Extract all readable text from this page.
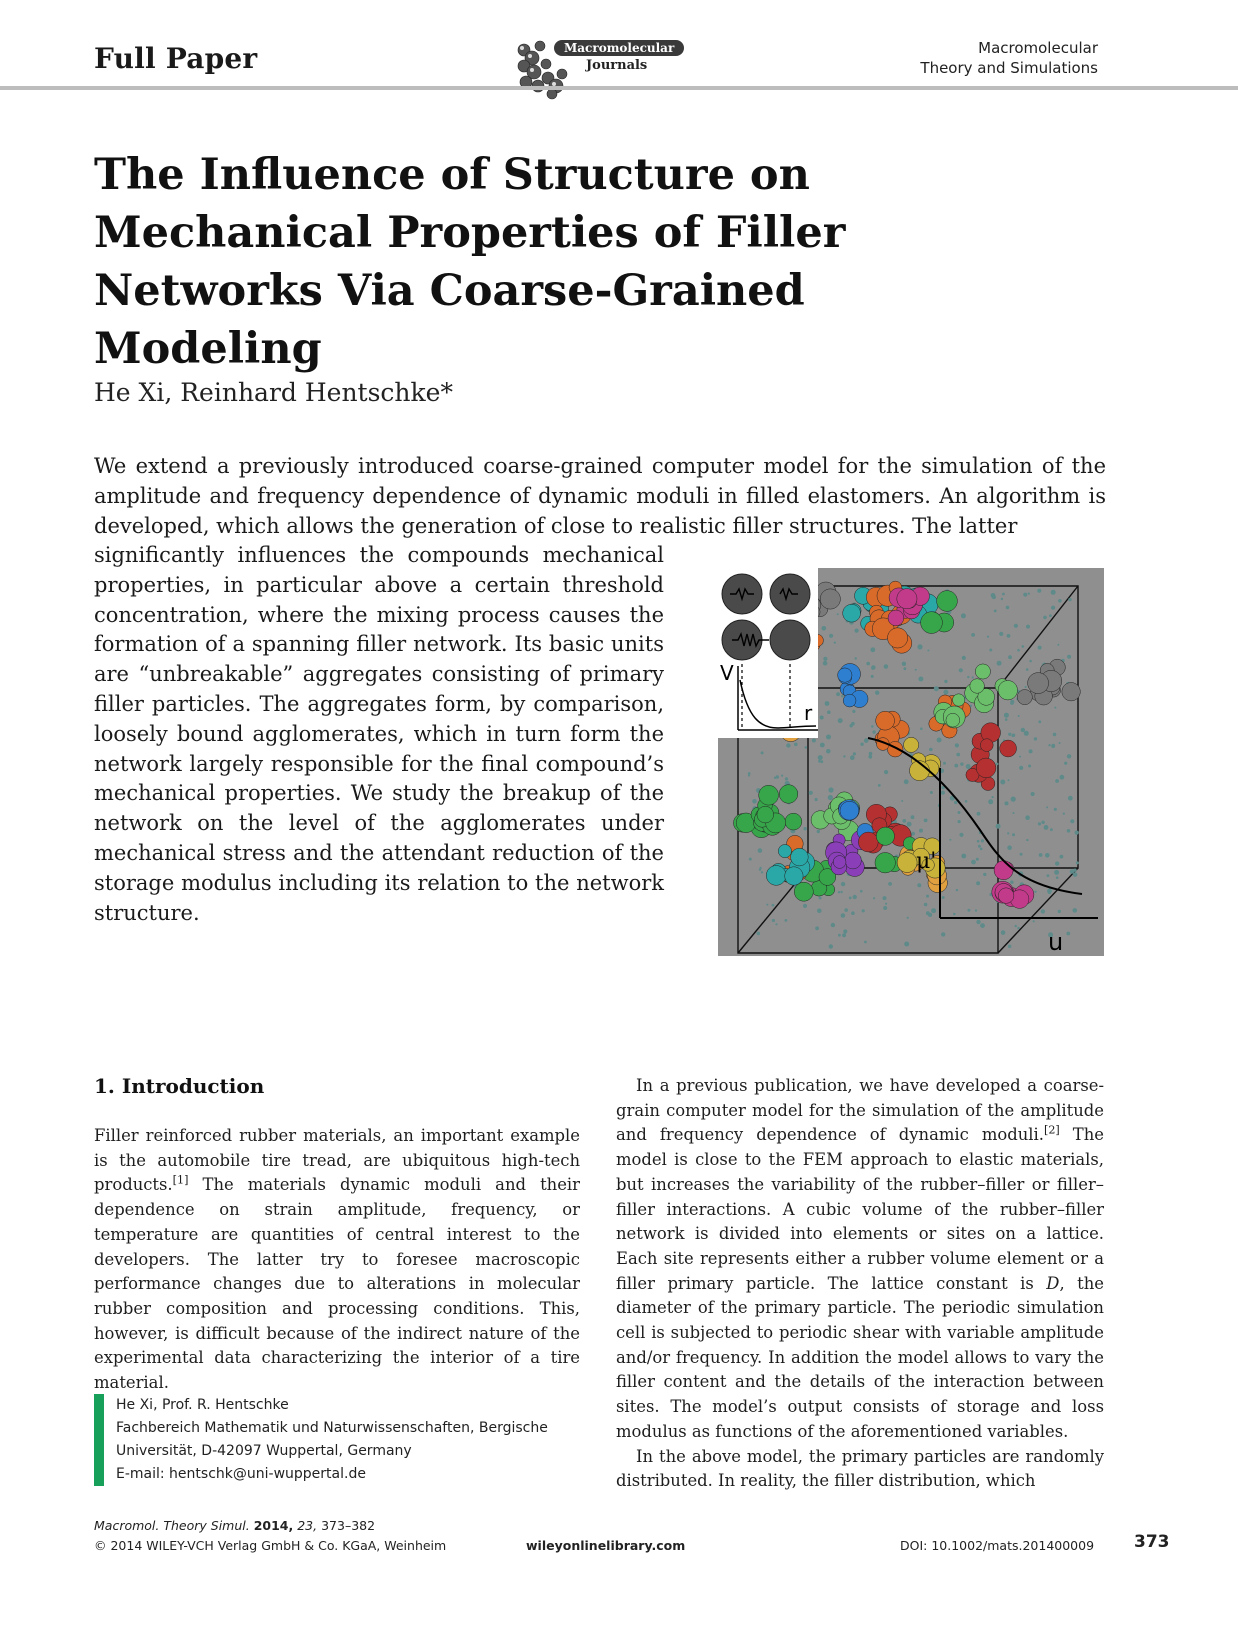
Full Paper	Macromolecular
Journals
Macromolecular
Theory and Simulations
The Influence of Structure on Mechanical Properties of Filler Networks Via Coarse-Grained Modeling
He Xi, Reinhard Hentschke*

We extend a previously introduced coarse-grained computer model for the simulation of the amplitude and frequency dependence of dynamic moduli in filled elastomers. An algorithm is developed, which allows the generation of close to realistic filler structures. The latter

significantly influences the compounds mechanical properties, in particular above a certain threshold concentration, where the mixing process causes the formation of a spanning filler network. Its basic units are “unbreakable” aggregates consisting of primary filler particles. The aggregates form, by comparison, loosely bound agglomerates, which in turn form the network largely responsible for the final compound’s mechanical properties. We study the breakup of the network on the level of the agglomerates under mechanical stress and the attendant reduction of the storage modulus including its relation to the network structure.

V
r
μ'
u
1. Introduction

Filler reinforced rubber materials, an important example is the automobile tire tread, are ubiquitous high-tech products.[1] The materials dynamic moduli and their dependence on strain amplitude, frequency, or temperature are quantities of central interest to the developers. The latter try to foresee macroscopic performance changes due to alterations in molecular rubber composition and processing conditions. This, however, is difficult because of the indirect nature of the experimental data characterizing the interior of a tire material.

In a previous publication, we have developed a coarse-grain computer model for the simulation of the amplitude and frequency dependence of dynamic moduli.[2] The model is close to the FEM approach to elastic materials, but increases the variability of the rubber–filler or filler–filler interactions. A cubic volume of the rubber–filler network is divided into elements or sites on a lattice. Each site represents either a rubber volume element or a filler primary particle. The lattice constant is D, the diameter of the primary particle. The periodic simulation cell is subjected to periodic shear with variable amplitude and/or frequency. In addition the model allows to vary the filler content and the details of the interaction between sites. The model’s output consists of storage and loss modulus as functions of the aforementioned variables.

In the above model, the primary particles are randomly distributed. In reality, the filler distribution, which

He Xi, Prof. R. Hentschke
Fachbereich Mathematik und Naturwissenschaften, Bergische
Universität, D-42097 Wuppertal, Germany
E-mail: hentschk@uni-wuppertal.de
Macromol. Theory Simul. 2014, 23, 373–382
© 2014 WILEY-VCH Verlag GmbH & Co. KGaA, Weinheim	wileyonlinelibrary.com	DOI: 10.1002/mats.201400009 373
